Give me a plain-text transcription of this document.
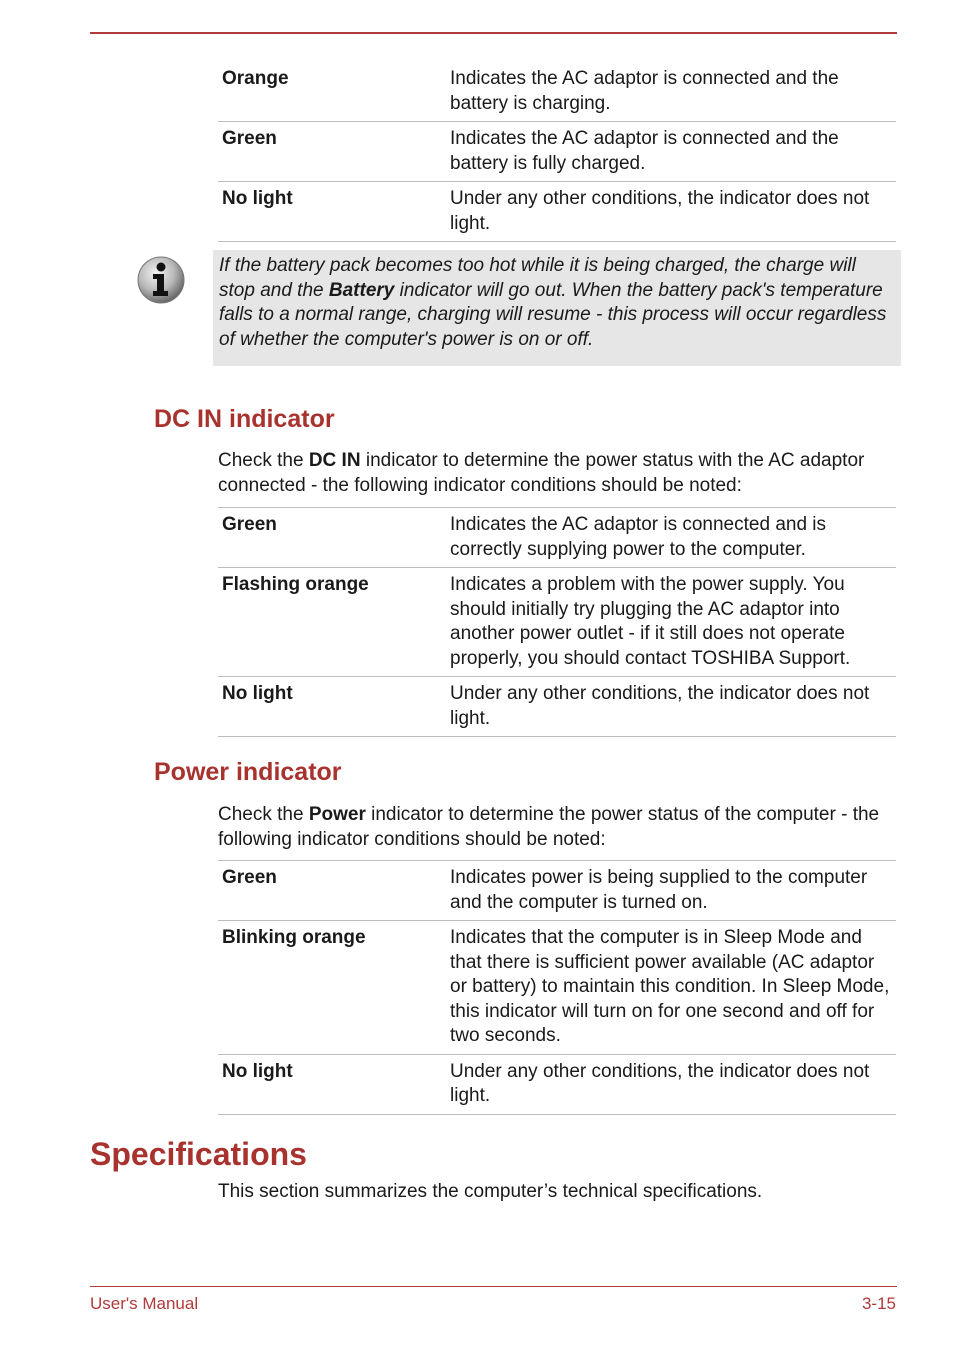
Orange	Indicates the AC adaptor is connected and the battery is charging.
Green	Indicates the AC adaptor is connected and the battery is fully charged.
No light	Under any other conditions, the indicator does not light.
If the battery pack becomes too hot while it is being charged, the charge will stop and the Battery indicator will go out. When the battery pack's temperature falls to a normal range, charging will resume - this process will occur regardless of whether the computer's power is on or off.
DC IN indicator

Check the DC IN indicator to determine the power status with the AC adaptor connected - the following indicator conditions should be noted:

Green	Indicates the AC adaptor is connected and is correctly supplying power to the computer.
Flashing orange	Indicates a problem with the power supply. You should initially try plugging the AC adaptor into another power outlet - if it still does not operate properly, you should contact TOSHIBA Support.
No light	Under any other conditions, the indicator does not light.
Power indicator

Check the Power indicator to determine the power status of the computer - the following indicator conditions should be noted:

Green	Indicates power is being supplied to the computer and the computer is turned on.
Blinking orange	Indicates that the computer is in Sleep Mode and that there is sufficient power available (AC adaptor or battery) to maintain this condition. In Sleep Mode, this indicator will turn on for one second and off for two seconds.
No light	Under any other conditions, the indicator does not light.
Specifications

This section summarizes the computer’s technical specifications.

User's Manual	3-15
